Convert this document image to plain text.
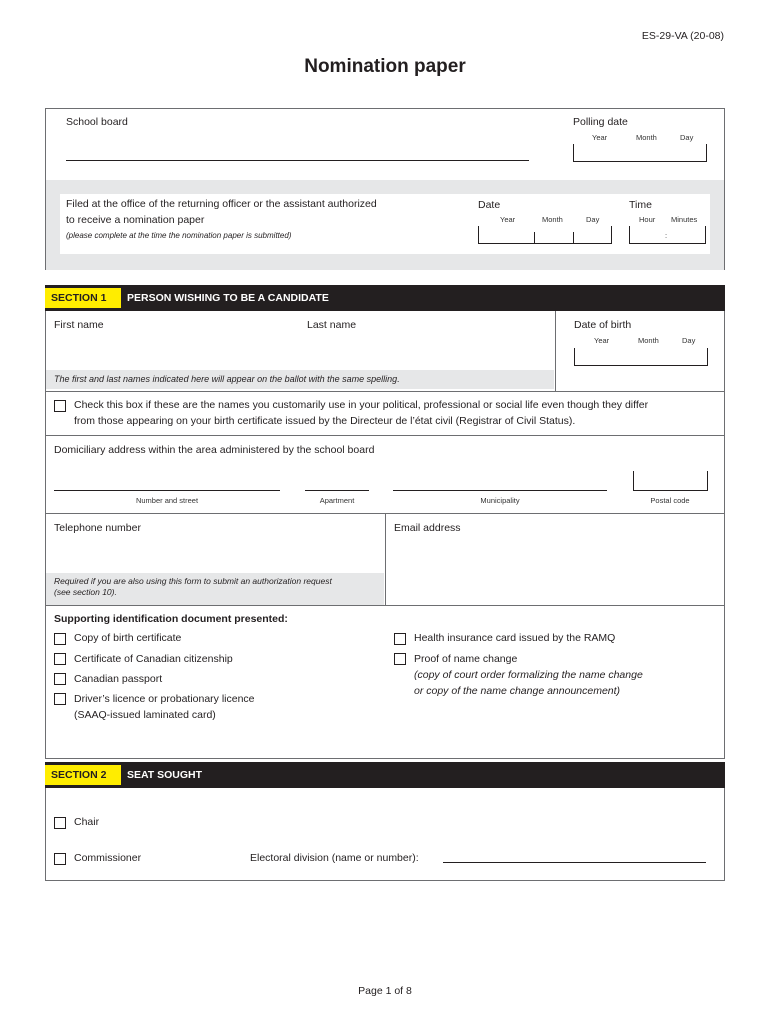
ES-29-VA (20-08)
Nomination paper
School board	Polling date
Year	Month	Day
Filed at the office of the returning officer or the assistant authorized
to receive a nomination paper
(please complete at the time the nomination paper is submitted)
Date
Year	Month	Day
Time
Hour Minutes
:
SECTION 1	PERSON WISHING TO BE A CANDIDATE
First name	Last name
The first and last names indicated here will appear on the ballot with the same spelling.
Date of birth
Year	Month	Day
Check this box if these are the names you customarily use in your political, professional or social life even though they differ
from those appearing on your birth certificate issued by the Directeur de l’état civil (Registrar of Civil Status).
Domiciliary address within the area administered by the school board
Number and street	Apartment	Municipality	Postal code
Telephone number
Required if you are also using this form to submit an authorization request
(see section 10).
Email address
Supporting identification document presented:
Copy of birth certificate
Certificate of Canadian citizenship
Canadian passport
Driver’s licence or probationary licence
(SAAQ-issued laminated card)
Health insurance card issued by the RAMQ
Proof of name change
(copy of court order formalizing the name change
or copy of the name change announcement)
SECTION 2	SEAT SOUGHT
Chair
Commissioner	Electoral division (name or number):
Page 1 of 8
